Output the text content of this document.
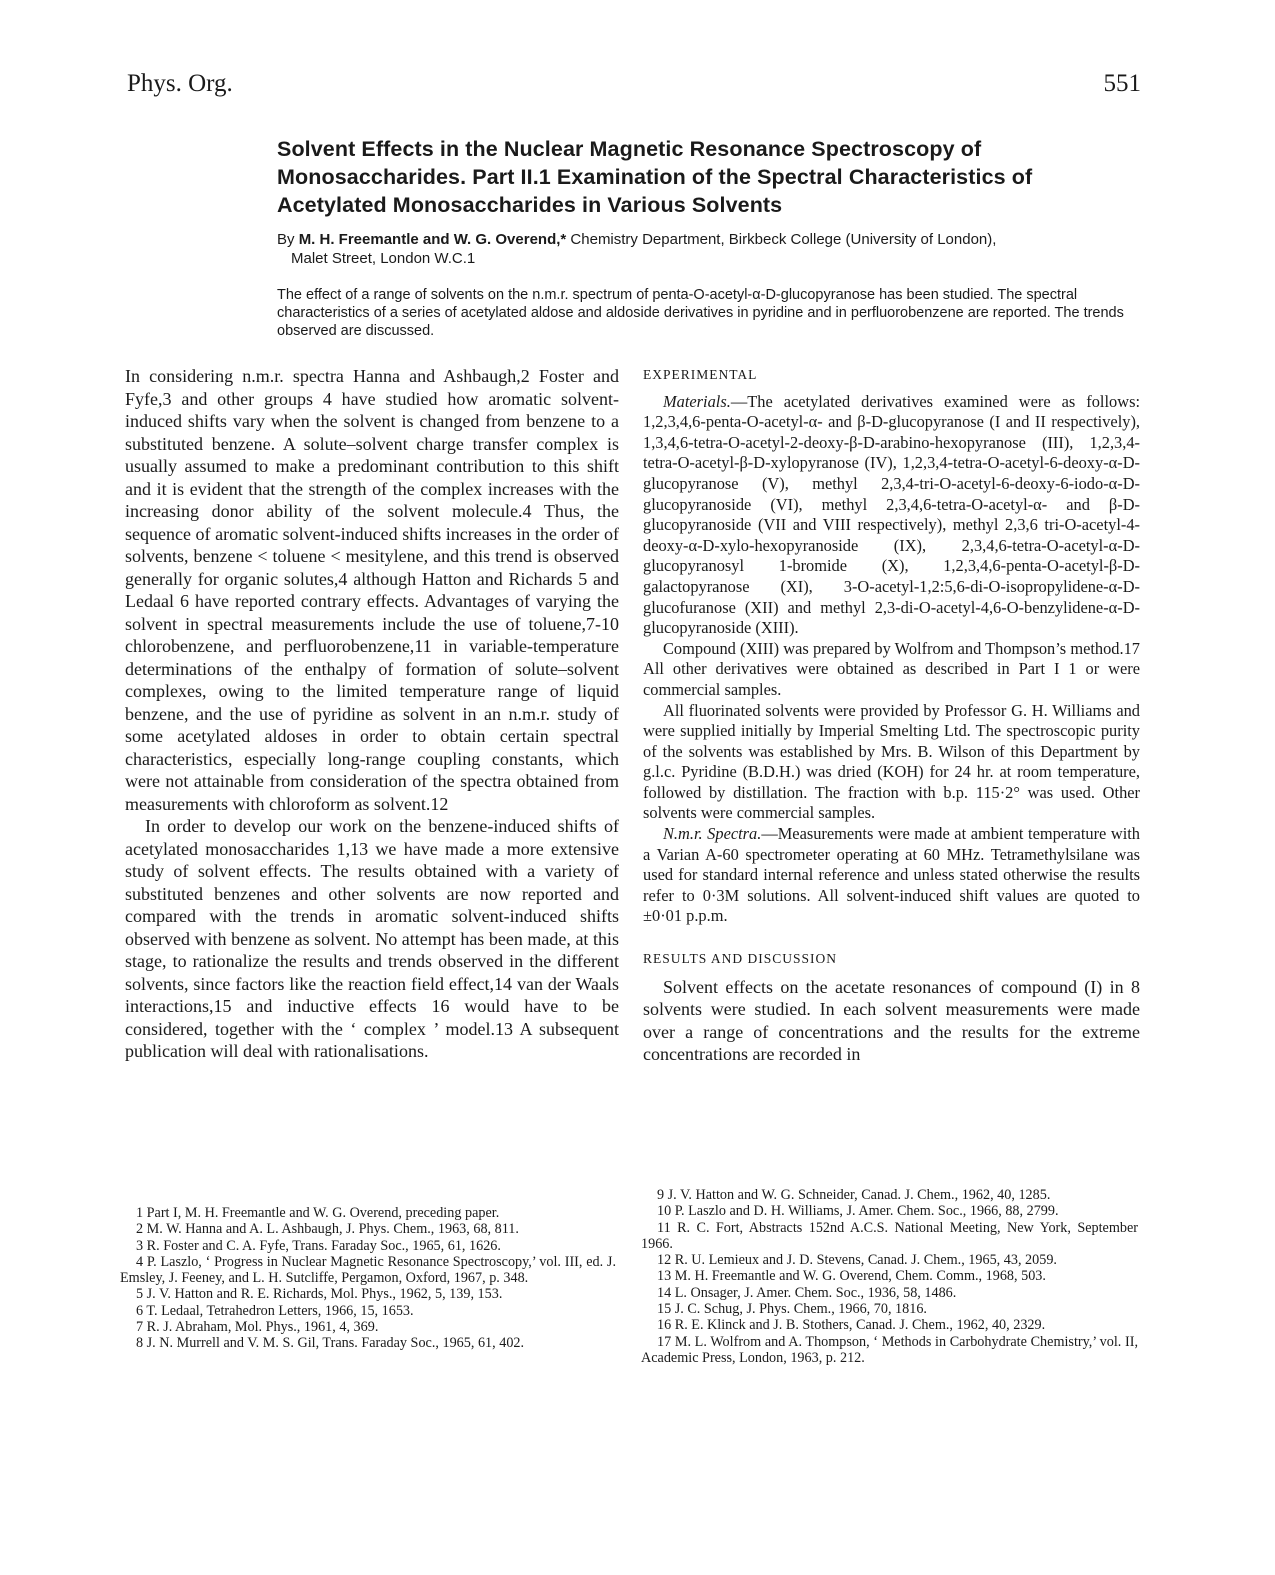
Phys. Org.	551
Solvent Effects in the Nuclear Magnetic Resonance Spectroscopy of Monosaccharides. Part II.1 Examination of the Spectral Characteristics of Acetylated Monosaccharides in Various Solvents
By M. H. Freemantle and W. G. Overend,* Chemistry Department, Birkbeck College (University of London),
Malet Street, London W.C.1
The effect of a range of solvents on the n.m.r. spectrum of penta-O-acetyl-α-D-glucopyranose has been studied. The spectral characteristics of a series of acetylated aldose and aldoside derivatives in pyridine and in perfluorobenzene are reported. The trends observed are discussed.

In considering n.m.r. spectra Hanna and Ashbaugh,2 Foster and Fyfe,3 and other groups 4 have studied how aromatic solvent-induced shifts vary when the solvent is changed from benzene to a substituted benzene. A solute–solvent charge transfer complex is usually assumed to make a predominant contribution to this shift and it is evident that the strength of the complex increases with the increasing donor ability of the solvent molecule.4 Thus, the sequence of aromatic solvent-induced shifts increases in the order of solvents, benzene < toluene < mesitylene, and this trend is observed generally for organic solutes,4 although Hatton and Richards 5 and Ledaal 6 have reported contrary effects. Advantages of varying the solvent in spectral measurements include the use of toluene,7-10 chlorobenzene, and perfluorobenzene,11 in variable-temperature determinations of the enthalpy of formation of solute–solvent complexes, owing to the limited temperature range of liquid benzene, and the use of pyridine as solvent in an n.m.r. study of some acetylated aldoses in order to obtain certain spectral characteristics, especially long-range coupling constants, which were not attainable from consideration of the spectra obtained from measurements with chloroform as solvent.12

In order to develop our work on the benzene-induced shifts of acetylated monosaccharides 1,13 we have made a more extensive study of solvent effects. The results obtained with a variety of substituted benzenes and other solvents are now reported and compared with the trends in aromatic solvent-induced shifts observed with benzene as solvent. No attempt has been made, at this stage, to rationalize the results and trends observed in the different solvents, since factors like the reaction field effect,14 van der Waals interactions,15 and inductive effects 16 would have to be considered, together with the ‘ complex ’ model.13 A subsequent publication will deal with rationalisations.

EXPERIMENTAL

Materials.—The acetylated derivatives examined were as follows: 1,2,3,4,6-penta-O-acetyl-α- and β-D-glucopyranose (I and II respectively), 1,3,4,6-tetra-O-acetyl-2-deoxy-β-D-arabino-hexopyranose (III), 1,2,3,4-tetra-O-acetyl-β-D-xylopyranose (IV), 1,2,3,4-tetra-O-acetyl-6-deoxy-α-D-glucopyranose (V), methyl 2,3,4-tri-O-acetyl-6-deoxy-6-iodo-α-D-glucopyranoside (VI), methyl 2,3,4,6-tetra-O-acetyl-α- and β-D-glucopyranoside (VII and VIII respectively), methyl 2,3,6 tri-O-acetyl-4-deoxy-α-D-xylo-hexopyranoside (IX), 2,3,4,6-tetra-O-acetyl-α-D-glucopyranosyl 1-bromide (X), 1,2,3,4,6-penta-O-acetyl-β-D-galactopyranose (XI), 3-O-acetyl-1,2:5,6-di-O-isopropylidene-α-D-glucofuranose (XII) and methyl 2,3-di-O-acetyl-4,6-O-benzylidene-α-D-glucopyranoside (XIII).

Compound (XIII) was prepared by Wolfrom and Thompson’s method.17 All other derivatives were obtained as described in Part I 1 or were commercial samples.

All fluorinated solvents were provided by Professor G. H. Williams and were supplied initially by Imperial Smelting Ltd. The spectroscopic purity of the solvents was established by Mrs. B. Wilson of this Department by g.l.c. Pyridine (B.D.H.) was dried (KOH) for 24 hr. at room temperature, followed by distillation. The fraction with b.p. 115·2° was used. Other solvents were commercial samples.

N.m.r. Spectra.—Measurements were made at ambient temperature with a Varian A-60 spectrometer operating at 60 MHz. Tetramethylsilane was used for standard internal reference and unless stated otherwise the results refer to 0·3M solutions. All solvent-induced shift values are quoted to ±0·01 p.p.m.

RESULTS AND DISCUSSION

Solvent effects on the acetate resonances of compound (I) in 8 solvents were studied. In each solvent measurements were made over a range of concentrations and the results for the extreme concentrations are recorded in

1 Part I, M. H. Freemantle and W. G. Overend, preceding paper.

2 M. W. Hanna and A. L. Ashbaugh, J. Phys. Chem., 1963, 68, 811.

3 R. Foster and C. A. Fyfe, Trans. Faraday Soc., 1965, 61, 1626.

4 P. Laszlo, ‘ Progress in Nuclear Magnetic Resonance Spectroscopy,’ vol. III, ed. J. Emsley, J. Feeney, and L. H. Sutcliffe, Pergamon, Oxford, 1967, p. 348.

5 J. V. Hatton and R. E. Richards, Mol. Phys., 1962, 5, 139, 153.

6 T. Ledaal, Tetrahedron Letters, 1966, 15, 1653.

7 R. J. Abraham, Mol. Phys., 1961, 4, 369.

8 J. N. Murrell and V. M. S. Gil, Trans. Faraday Soc., 1965, 61, 402.

9 J. V. Hatton and W. G. Schneider, Canad. J. Chem., 1962, 40, 1285.

10 P. Laszlo and D. H. Williams, J. Amer. Chem. Soc., 1966, 88, 2799.

11 R. C. Fort, Abstracts 152nd A.C.S. National Meeting, New York, September 1966.

12 R. U. Lemieux and J. D. Stevens, Canad. J. Chem., 1965, 43, 2059.

13 M. H. Freemantle and W. G. Overend, Chem. Comm., 1968, 503.

14 L. Onsager, J. Amer. Chem. Soc., 1936, 58, 1486.

15 J. C. Schug, J. Phys. Chem., 1966, 70, 1816.

16 R. E. Klinck and J. B. Stothers, Canad. J. Chem., 1962, 40, 2329.

17 M. L. Wolfrom and A. Thompson, ‘ Methods in Carbohydrate Chemistry,’ vol. II, Academic Press, London, 1963, p. 212.
